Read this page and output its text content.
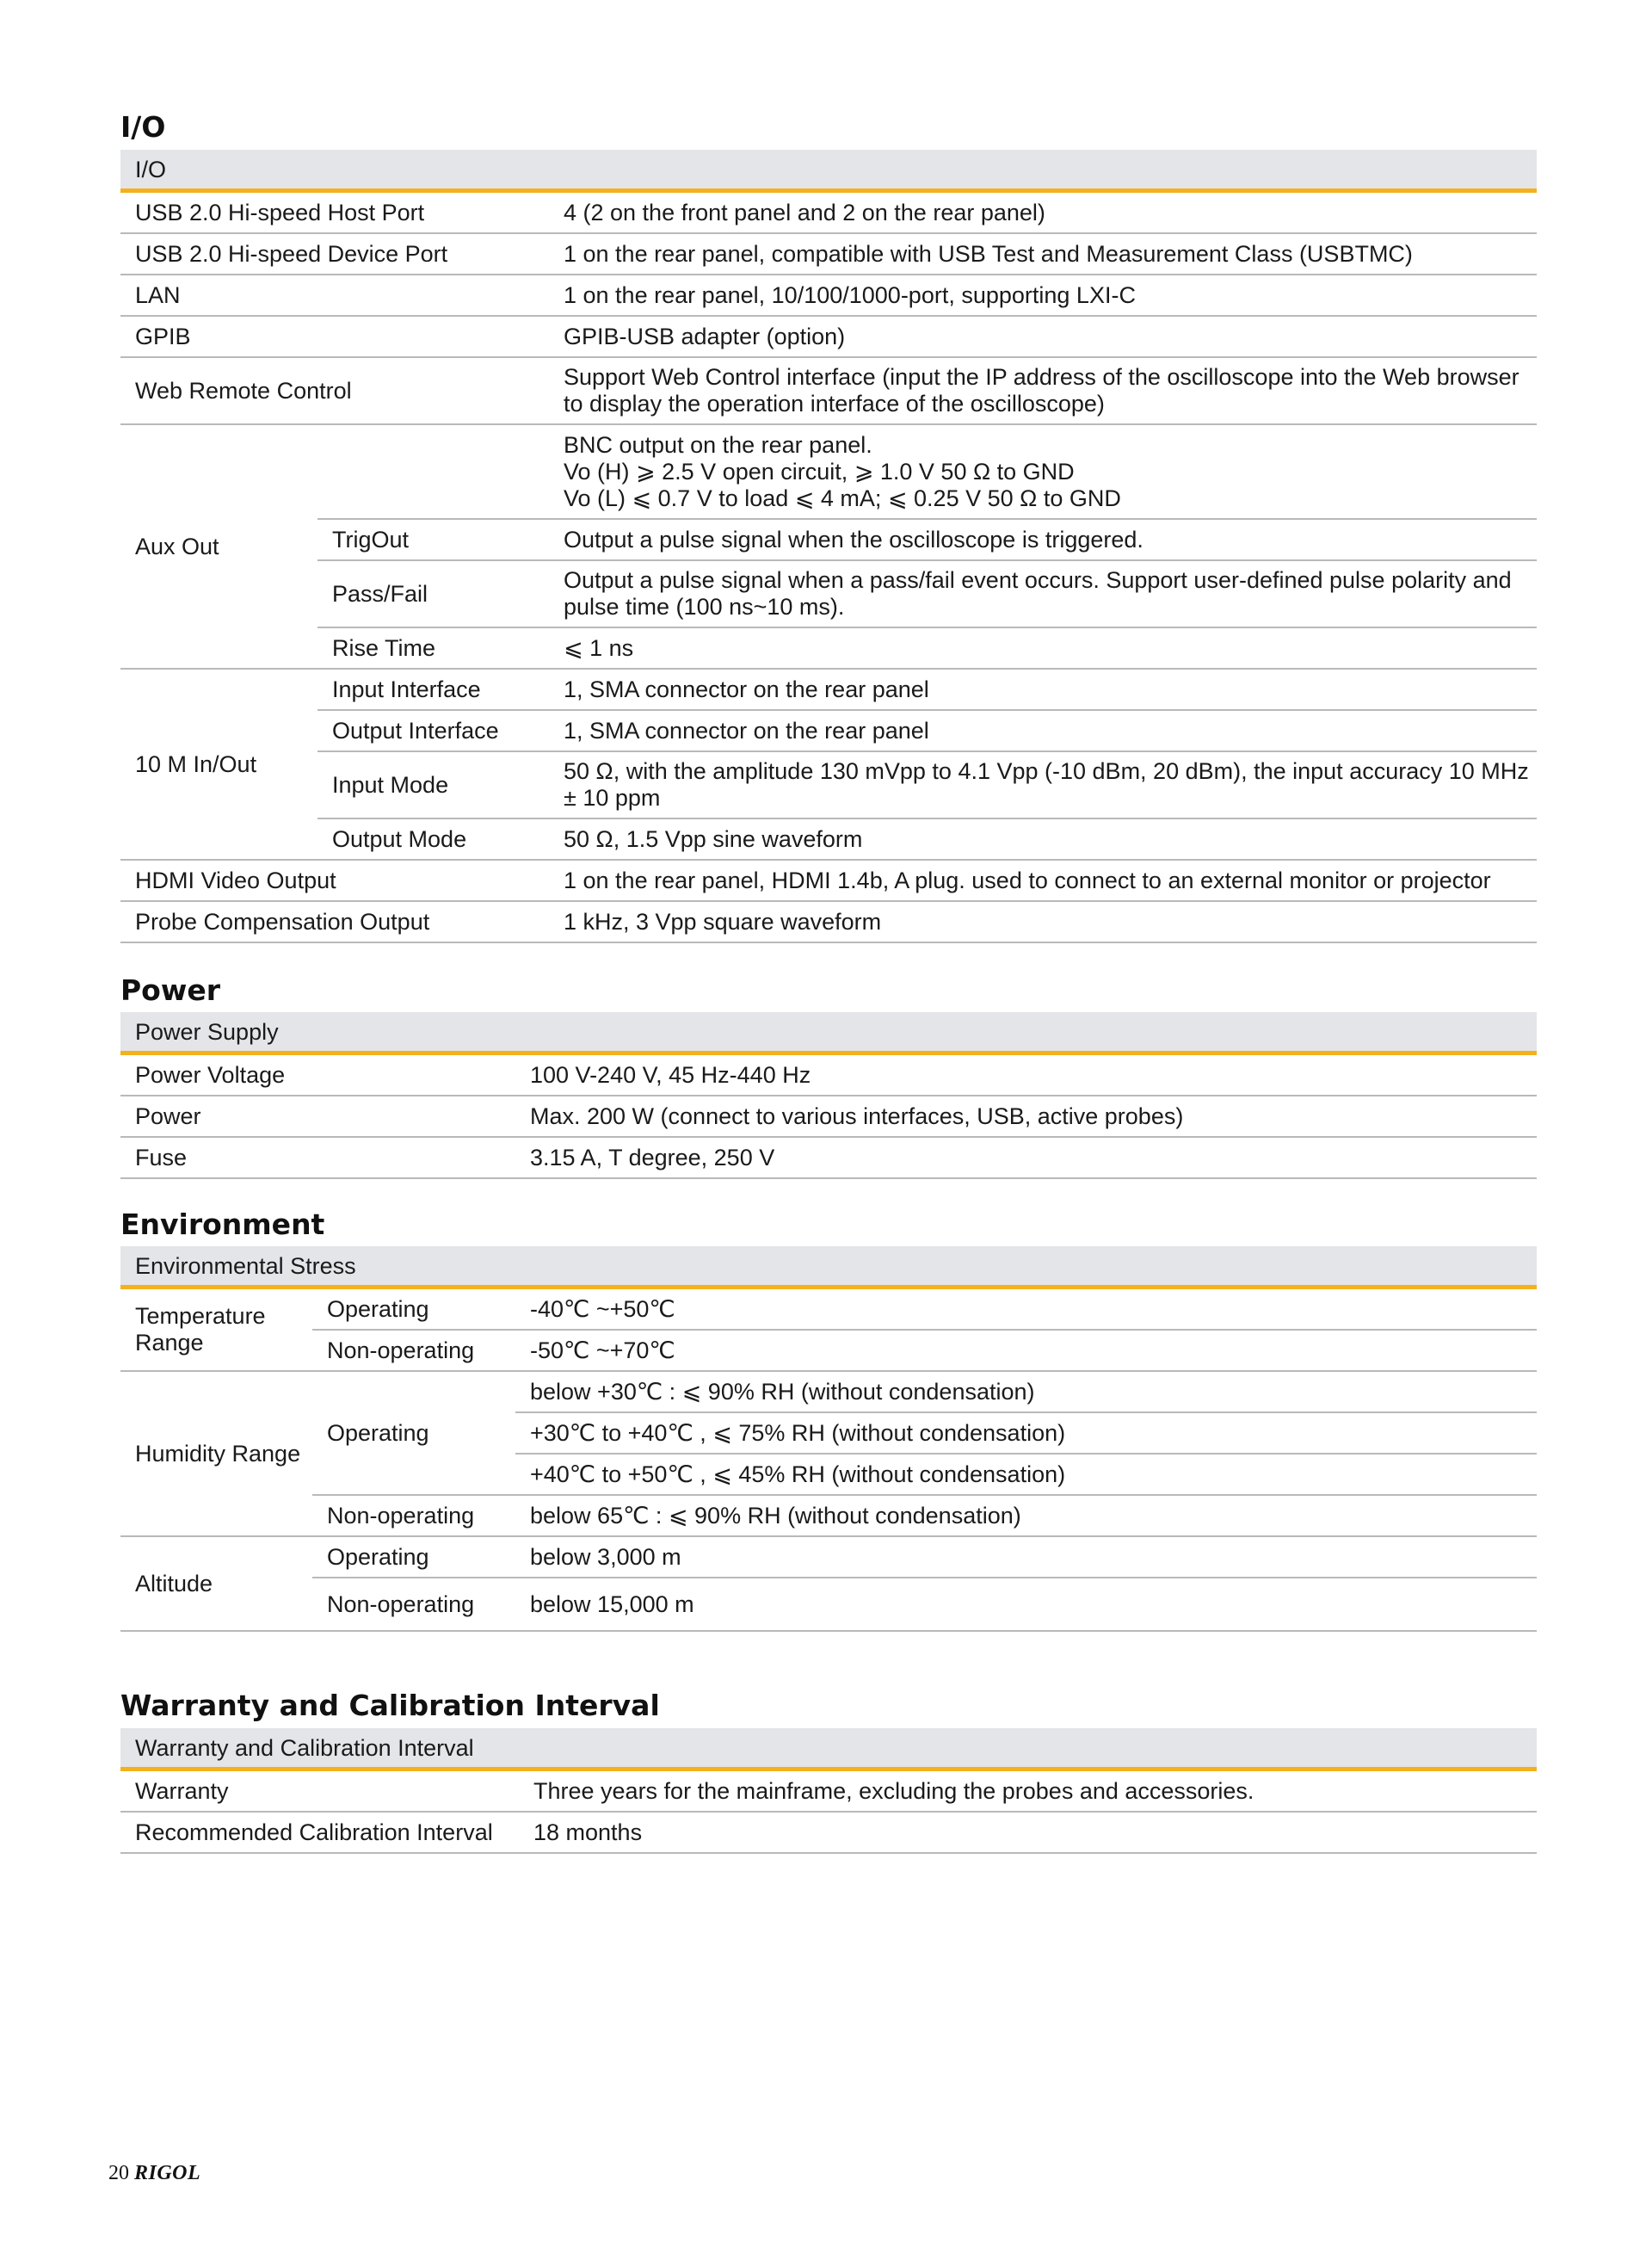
I/O
I/O		
USB 2.0 Hi-speed Host Port		4 (2 on the front panel and 2 on the rear panel)
USB 2.0 Hi-speed Device Port		1 on the rear panel, compatible with USB Test and Measurement Class (USBTMC)
LAN		1 on the rear panel, 10/100/1000-port, supporting LXI-C
GPIB		GPIB-USB adapter (option)
Web Remote Control		Support Web Control interface (input the IP address of the oscilloscope into the Web browser to display the operation interface of the oscilloscope)
Aux Out		BNC output on the rear panel.
Vo (H) ⩾ 2.5 V open circuit, ⩾ 1.0 V 50 Ω to GND
Vo (L) ⩽ 0.7 V to load ⩽ 4 mA; ⩽ 0.25 V 50 Ω to GND

	TrigOut	Output a pulse signal when the oscilloscope is triggered.
	Pass/Fail	Output a pulse signal when a pass/fail event occurs. Support user-defined pulse polarity and pulse time (100 ns~10 ms).
	Rise Time	⩽ 1 ns
10 M In/Out	Input Interface	1, SMA connector on the rear panel
	Output Interface	1, SMA connector on the rear panel
	Input Mode	50 Ω, with the amplitude 130 mVpp to 4.1 Vpp (-10 dBm, 20 dBm), the input accuracy 10 MHz ± 10 ppm
	Output Mode	50 Ω, 1.5 Vpp sine waveform
HDMI Video Output		1 on the rear panel, HDMI 1.4b, A plug. used to connect to an external monitor or projector
Probe Compensation Output		1 kHz, 3 Vpp square waveform
Power
Power Supply	
Power Voltage	100 V-240 V, 45 Hz-440 Hz
Power	Max. 200 W (connect to various interfaces, USB, active probes)
Fuse	3.15 A, T degree, 250 V
Environment
Environmental Stress		
Temperature Range	Operating	-40℃ ~+50℃
	Non-operating	-50℃ ~+70℃
Humidity Range	Operating	below +30℃ : ⩽ 90% RH (without condensation)
		+30℃ to +40℃ , ⩽ 75% RH (without condensation)
		+40℃ to +50℃ , ⩽ 45% RH (without condensation)
	Non-operating	below 65℃ : ⩽ 90% RH (without condensation)
Altitude	Operating	below 3,000 m
	Non-operating	below 15,000 m
Warranty and Calibration Interval
Warranty and Calibration Interval	
Warranty	Three years for the mainframe, excluding the probes and accessories.
Recommended Calibration Interval	18 months
20 RIGOL
